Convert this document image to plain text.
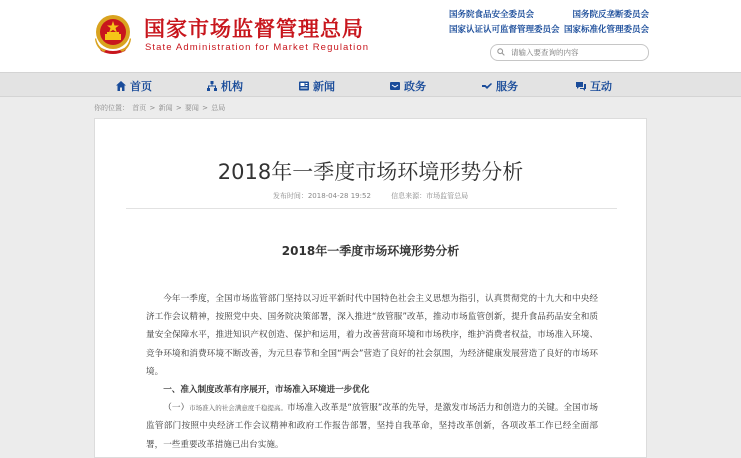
国家市场监督管理总局
State Administration for Market Regulation
国务院食品安全委员会	国务院反垄断委员会
国家认证认可监督管理委员会 国家标准化管理委员会
请输入要查询的内容
首页	机构	新闻	政务	服务	互动
你的位置： 首页 > 新闻 > 要闻 > 总局
2018年一季度市场环境形势分析
发布时间：2018-04-28 19:52	信息来源：市场监管总局
2018年一季度市场环境形势分析

今年一季度，全国市场监管部门坚持以习近平新时代中国特色社会主义思想为指引，认真贯彻党的十九大和中央经济工作会议精神，按照党中央、国务院决策部署，深入推进“放管服”改革，推动市场监管创新，提升食品药品安全和质量安全保障水平，推进知识产权创造、保护和运用，着力改善营商环境和市场秩序，维护消费者权益，市场准入环境、竞争环境和消费环境不断改善，为元旦春节和全国“两会”营造了良好的社会氛围，为经济健康发展营造了良好的市场环境。

一、准入制度改革有序展开，市场准入环境进一步优化

（一）市场准入的社会满意度千稳提高。市场准入改革是“放管服”改革的先导，是激发市场活力和创造力的关键。全国市场监管部门按照中央经济工作会议精神和政府工作报告部署，坚持自我革命，坚持改革创新，各项改革工作已经全面部署，一些重要改革措施已出台实施。
